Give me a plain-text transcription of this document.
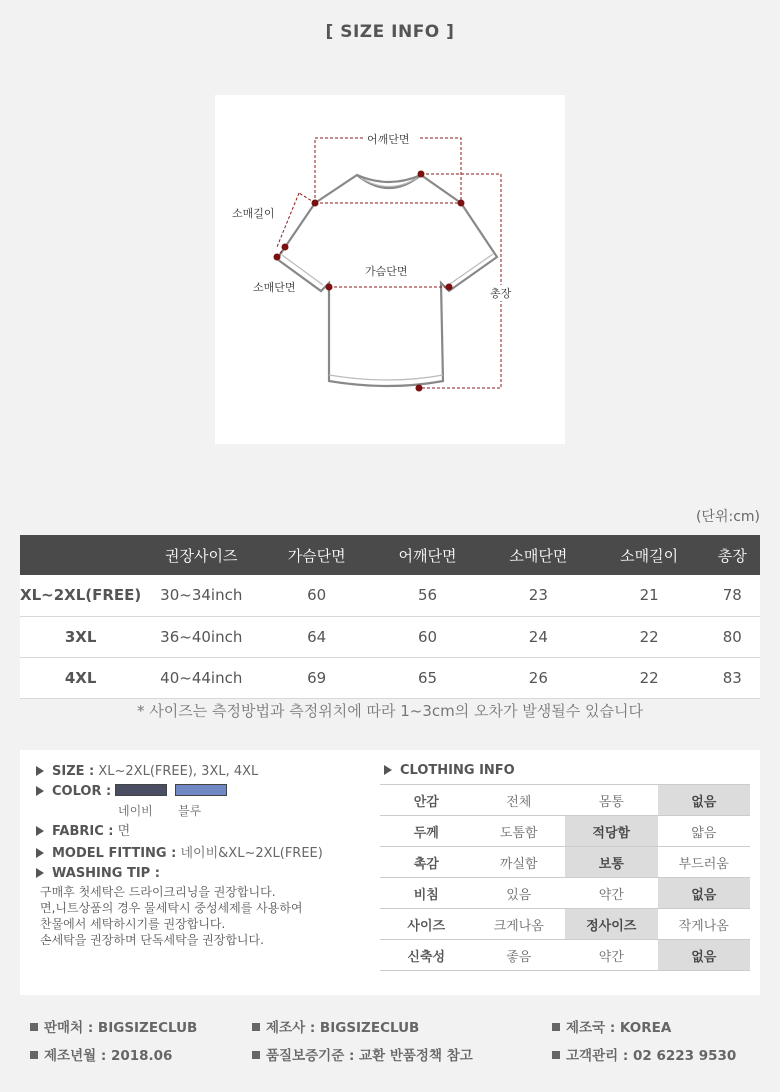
[ SIZE INFO ]
어깨단면
소매길이
가슴단면
소매단면	총장
(단위:cm)
	권장사이즈	가슴단면	어깨단면	소매단면	소매길이	총장
XL~2XL(FREE)	30~34inch	60	56	23	21	78
3XL	36~40inch	64	60	24	22	80
4XL	40~44inch	69	65	26	22	83
* 사이즈는 측정방법과 측정위치에 따라 1~3cm의 오차가 발생될수 있습니다
SIZE : XL~2XL(FREE), 3XL, 4XL
COLOR :
네이비 블루
FABRIC : 면
MODEL FITTING : 네이비&XL~2XL(FREE)
WASHING TIP :
구매후 첫세탁은 드라이크리닝을 권장합니다.
면,니트상품의 경우 물세탁시 중성세제를 사용하여
찬물에서 세탁하시기를 권장합니다.
손세탁을 권장하며 단독세탁을 권장합니다.
CLOTHING INFO
안감	전체	몸통	없음
두께	도톰함	적당함	얇음
촉감	까실함	보통	부드러움
비침	있음	약간	없음
사이즈	크게나옴	정사이즈	작게나옴
신축성	좋음	약간	없음
판매처 : BIGSIZECLUB	제조사 : BIGSIZECLUB	제조국 : KOREA
제조년월 : 2018.06	품질보증기준 : 교환 반품정책 참고	고객관리 : 02 6223 9530
